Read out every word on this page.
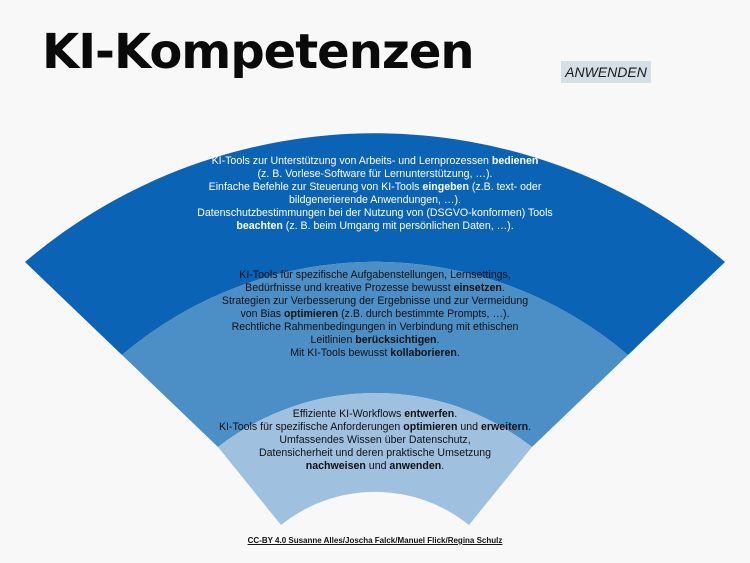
KI-Kompetenzen	ANWENDEN
KI-Tools zur Unterstützung von Arbeits- und Lernprozessen bedienen
(z. B. Vorlese-Software für Lernunterstützung, …).
Einfache Befehle zur Steuerung von KI-Tools eingeben (z.B. text- oder
bildgenerierende Anwendungen, …).
Datenschutzbestimmungen bei der Nutzung von (DSGVO-konformen) Tools
beachten (z. B. beim Umgang mit persönlichen Daten, …).
KI-Tools für spezifische Aufgabenstellungen, Lernsettings,
Bedürfnisse und kreative Prozesse bewusst einsetzen.
Strategien zur Verbesserung der Ergebnisse und zur Vermeidung
von Bias optimieren (z.B. durch bestimmte Prompts, …).
Rechtliche Rahmenbedingungen in Verbindung mit ethischen
Leitlinien berücksichtigen.
Mit KI-Tools bewusst kollaborieren.
Effiziente KI-Workflows entwerfen.
KI-Tools für spezifische Anforderungen optimieren und erweitern.
Umfassendes Wissen über Datenschutz,
Datensicherheit und deren praktische Umsetzung
nachweisen und anwenden.
CC-BY 4.0 Susanne Alles/Joscha Falck/Manuel Flick/Regina Schulz
